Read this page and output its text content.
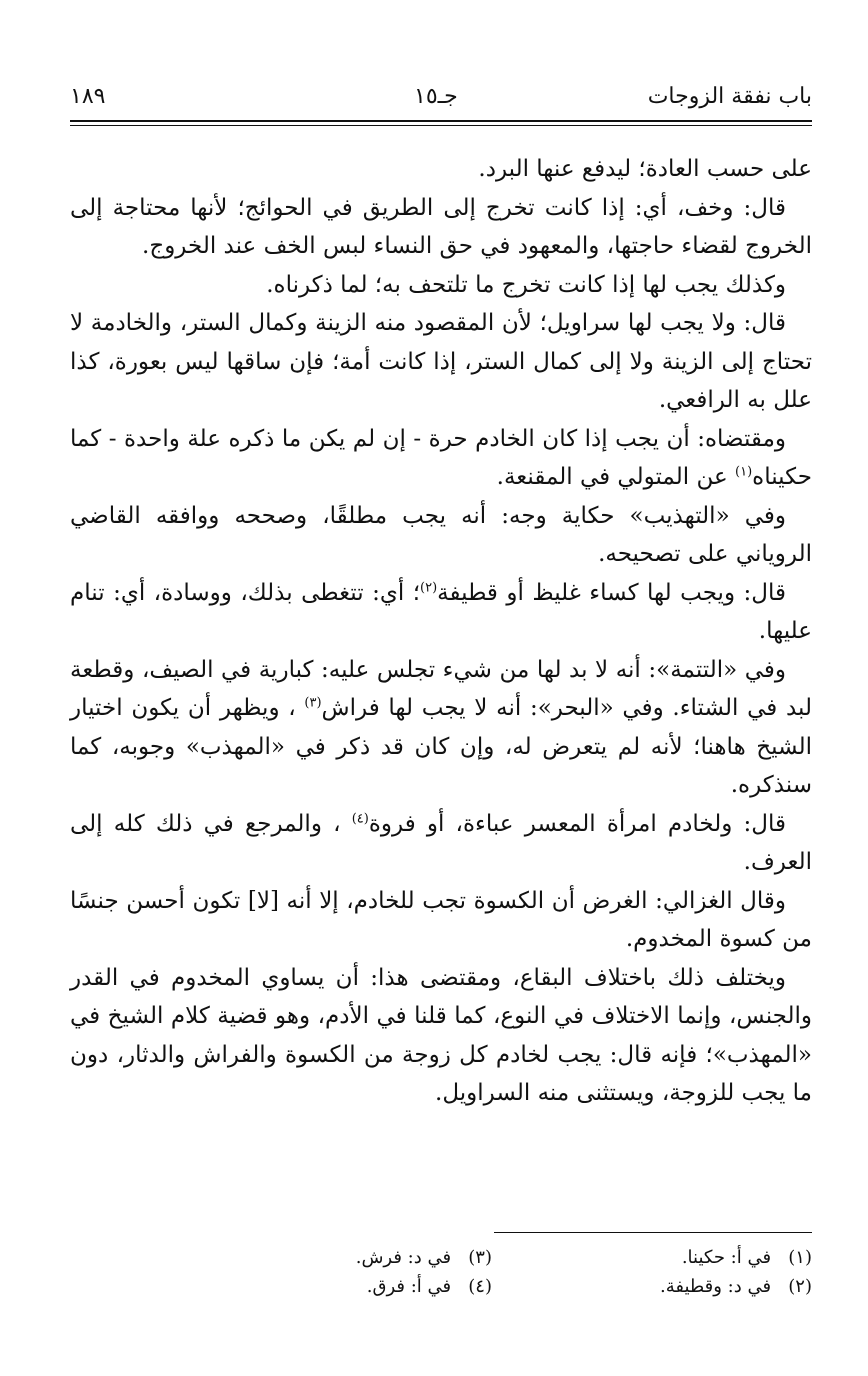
باب نفقة الزوجات
جـ١٥
١٨٩

على حسب العادة؛ ليدفع عنها البرد.

قال: وخف، أي: إذا كانت تخرج إلى الطريق في الحوائج؛ لأنها محتاجة إلى الخروج لقضاء حاجتها، والمعهود في حق النساء لبس الخف عند الخروج.

وكذلك يجب لها إذا كانت تخرج ما تلتحف به؛ لما ذكرناه.

قال: ولا يجب لها سراويل؛ لأن المقصود منه الزينة وكمال الستر، والخادمة لا تحتاج إلى الزينة ولا إلى كمال الستر، إذا كانت أمة؛ فإن ساقها ليس بعورة، كذا علل به الرافعي.

ومقتضاه: أن يجب إذا كان الخادم حرة - إن لم يكن ما ذكره علة واحدة - كما حكيناه$^{(١)}$ عن المتولي في المقنعة.

وفي «التهذيب» حكاية وجه: أنه يجب مطلقًا، وصححه ووافقه القاضي الروياني على تصحيحه.

قال: ويجب لها كساء غليظ أو قطيفة$^{(٢)}$؛ أي: تتغطى بذلك، ووسادة، أي: تنام عليها.

وفي «التتمة»: أنه لا بد لها من شيء تجلس عليه: كبارية في الصيف، وقطعة لبد في الشتاء. وفي «البحر»: أنه لا يجب لها فراش$^{(٣)}$ ، ويظهر أن يكون اختيار الشيخ هاهنا؛ لأنه لم يتعرض له، وإن كان قد ذكر في «المهذب» وجوبه، كما سنذكره.

قال: ولخادم امرأة المعسر عباءة، أو فروة$^{(٤)}$ ، والمرجع في ذلك كله إلى العرف.

وقال الغزالي: الغرض أن الكسوة تجب للخادم، إلا أنه [لا] تكون أحسن جنسًا من كسوة المخدوم.

ويختلف ذلك باختلاف البقاع، ومقتضى هذا: أن يساوي المخدوم في القدر والجنس، وإنما الاختلاف في النوع، كما قلنا في الأدم، وهو قضية كلام الشيخ في «المهذب»؛ فإنه قال: يجب لخادم كل زوجة من الكسوة والفراش والدثار، دون ما يجب للزوجة، ويستثنى منه السراويل.

(١)   في أ: حكينا.
(٢)   في د: وقطيفة.
(٣)   في د: فرش.
(٤)   في أ: فرق.
